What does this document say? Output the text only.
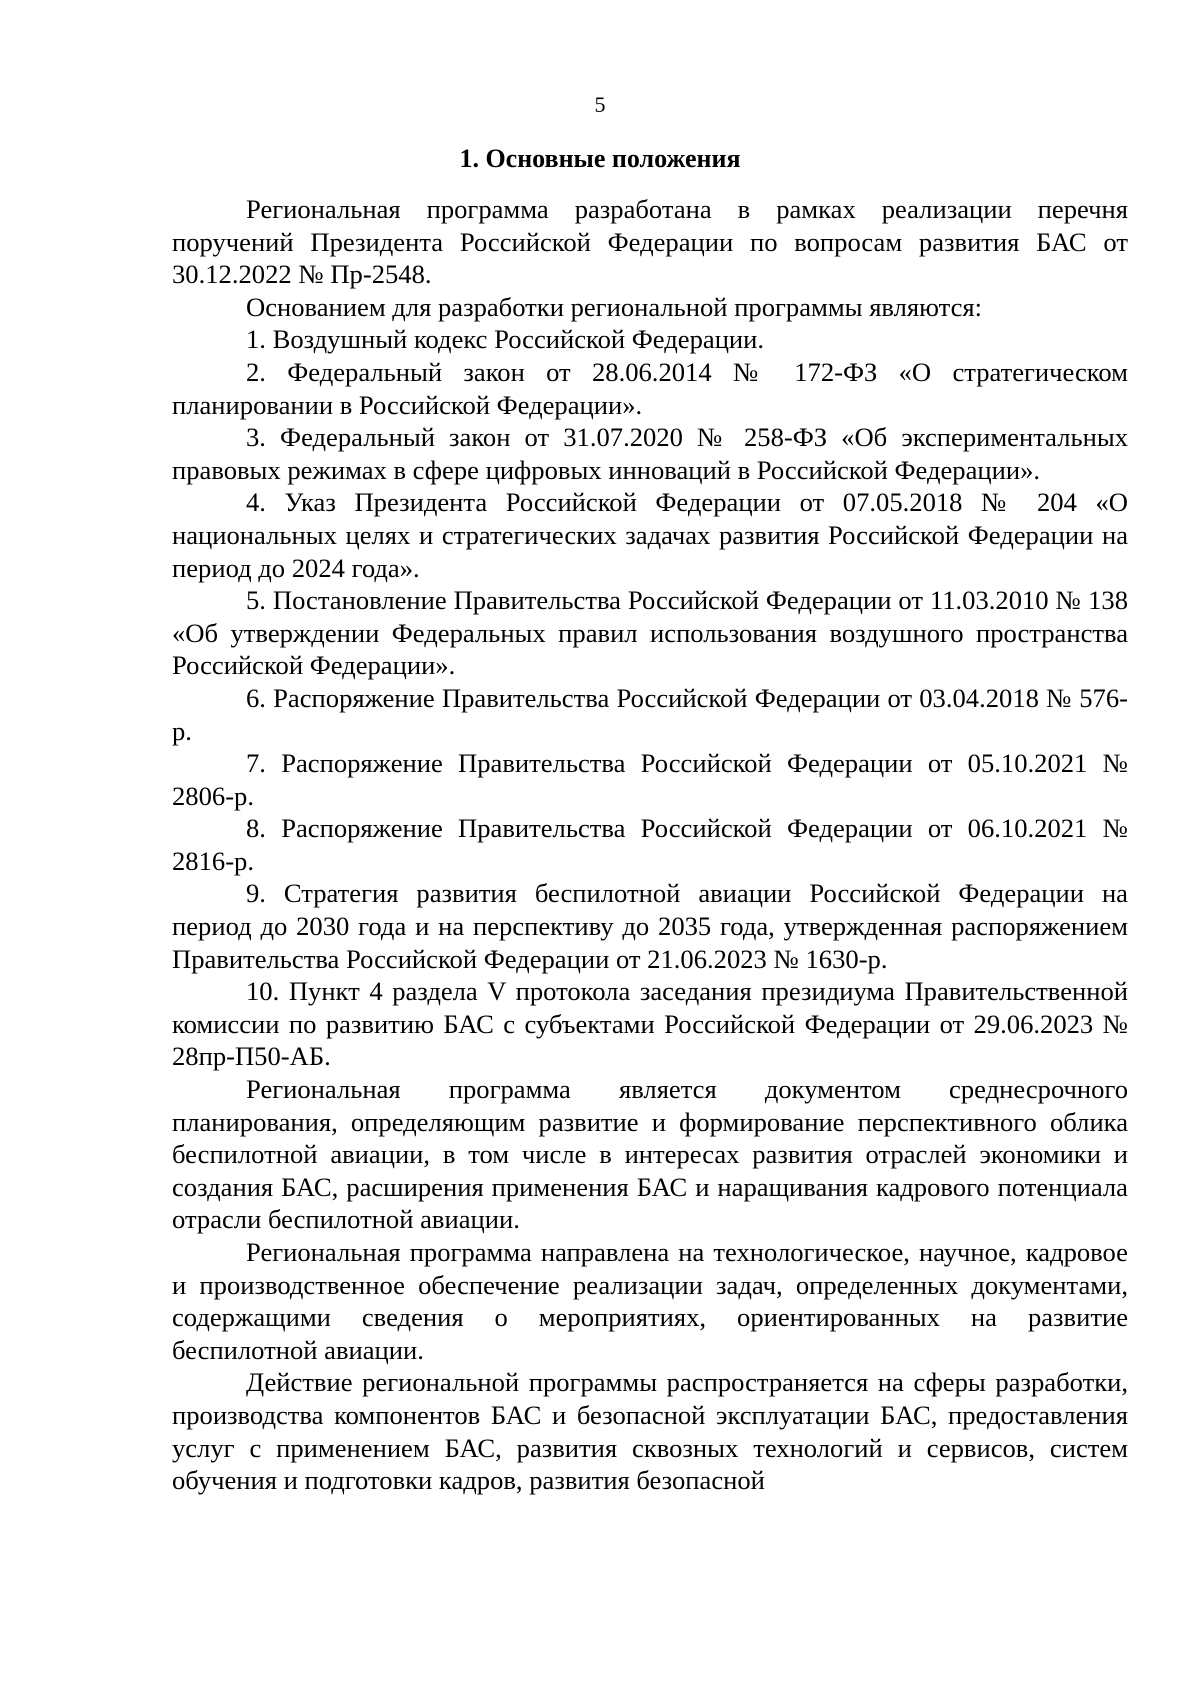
5
1. Основные положения

Региональная программа разработана в рамках реализации перечня поручений Президента Российской Федерации по вопросам развития БАС от 30.12.2022 № Пр-2548.

Основанием для разработки региональной программы являются:

1. Воздушный кодекс Российской Федерации.

2. Федеральный закон от 28.06.2014 № 172-ФЗ «О стратегическом планировании в Российской Федерации».

3. Федеральный закон от 31.07.2020 № 258-ФЗ «Об экспериментальных правовых режимах в сфере цифровых инноваций в Российской Федерации».

4. Указ Президента Российской Федерации от 07.05.2018 № 204 «О национальных целях и стратегических задачах развития Российской Федерации на период до 2024 года».

5. Постановление Правительства Российской Федерации от 11.03.2010 № 138 «Об утверждении Федеральных правил использования воздушного пространства Российской Федерации».

6. Распоряжение Правительства Российской Федерации от 03.04.2018 № 576-р.

7. Распоряжение Правительства Российской Федерации от 05.10.2021 № 2806-р.

8. Распоряжение Правительства Российской Федерации от 06.10.2021 № 2816-р.

9. Стратегия развития беспилотной авиации Российской Федерации на период до 2030 года и на перспективу до 2035 года, утвержденная распоряжением Правительства Российской Федерации от 21.06.2023 № 1630-р.

10. Пункт 4 раздела V протокола заседания президиума Правительственной комиссии по развитию БАС с субъектами Российской Федерации от 29.06.2023 № 28пр-П50-АБ.

Региональная программа является документом среднесрочного планирования, определяющим развитие и формирование перспективного облика беспилотной авиации, в том числе в интересах развития отраслей экономики и создания БАС, расширения применения БАС и наращивания кадрового потенциала отрасли беспилотной авиации.

Региональная программа направлена на технологическое, научное, кадровое и производственное обеспечение реализации задач, определенных документами, содержащими сведения о мероприятиях, ориентированных на развитие беспилотной авиации.

Действие региональной программы распространяется на сферы разработки, производства компонентов БАС и безопасной эксплуатации БАС, предоставления услуг с применением БАС, развития сквозных технологий и сервисов, систем обучения и подготовки кадров, развития безопасной
